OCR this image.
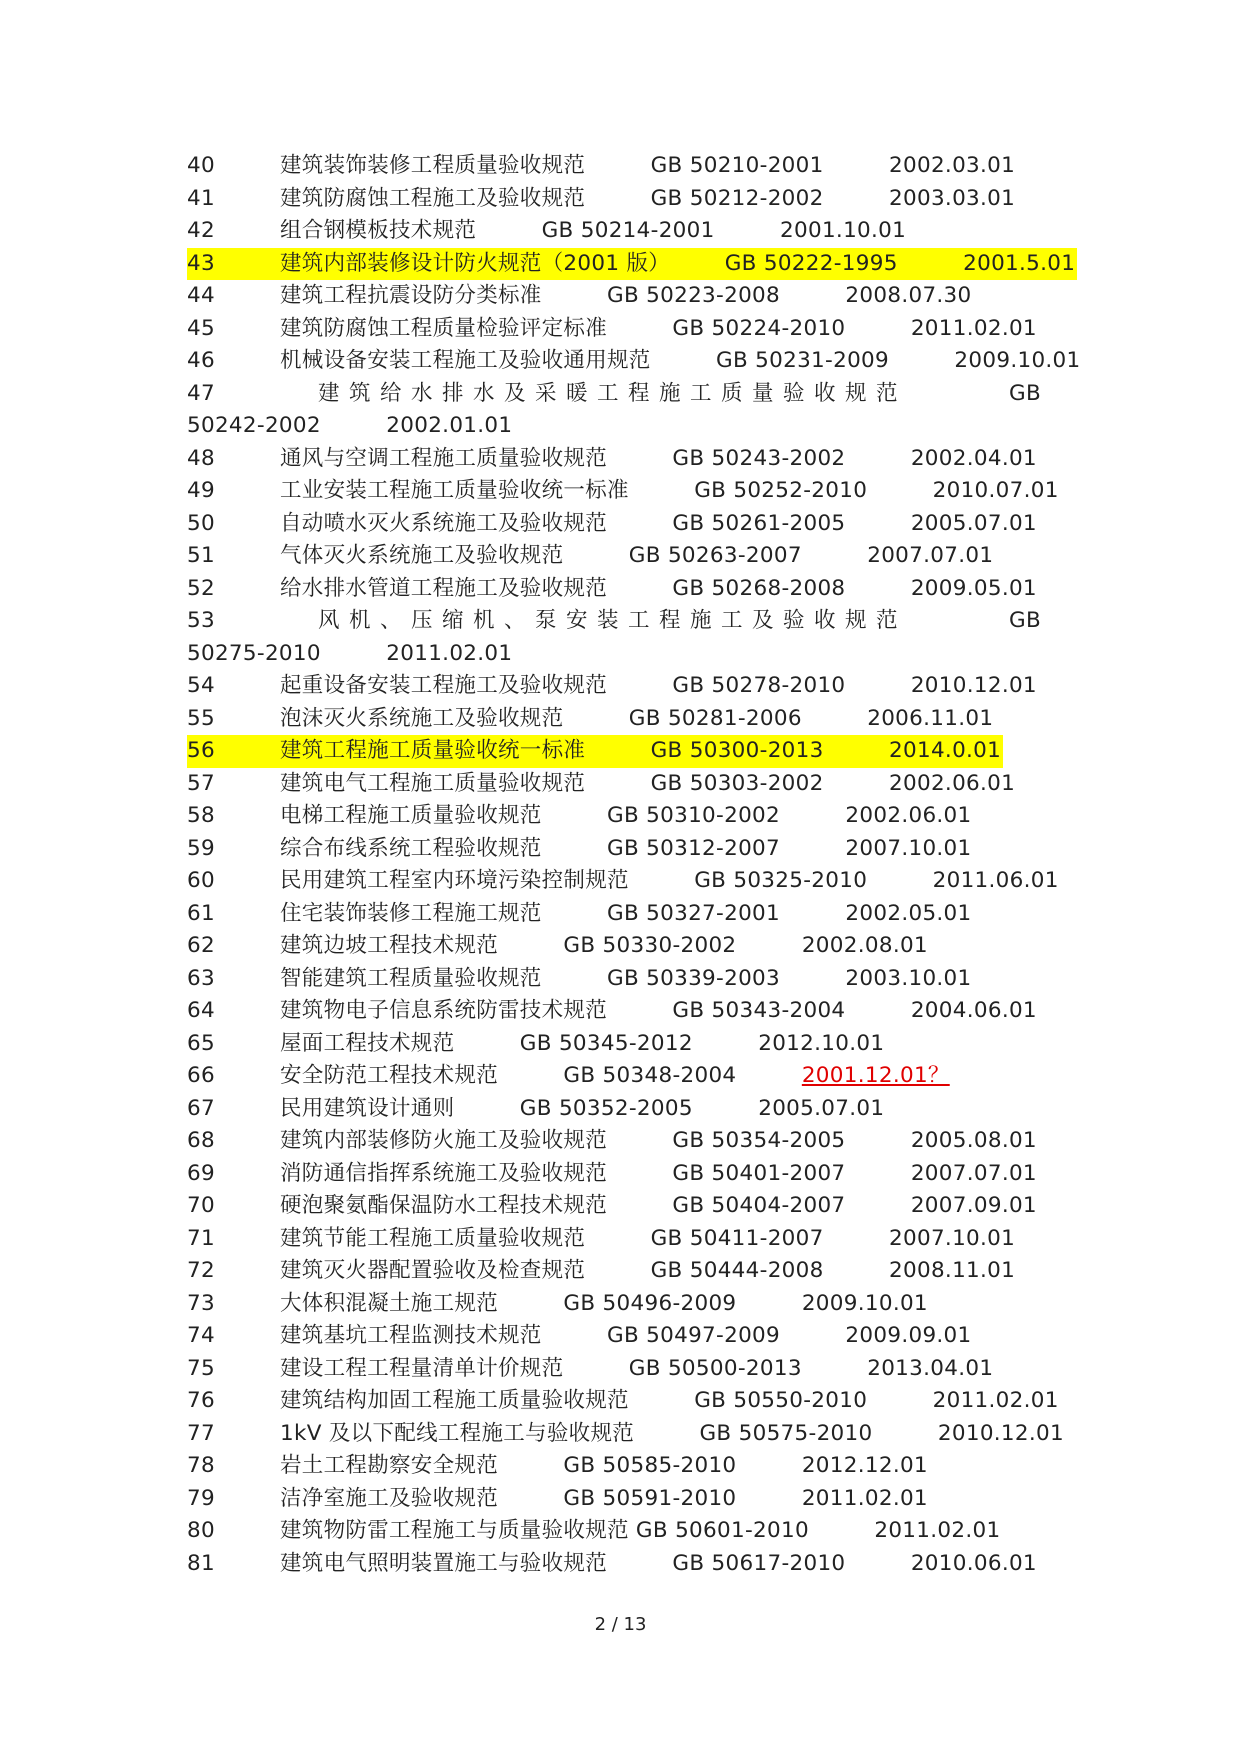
40	建筑装饰装修工程质量验收规范　　　GB 50210-2001　　　2002.03.01
41	建筑防腐蚀工程施工及验收规范　　　GB 50212-2002　　　2003.03.01
42	组合钢模板技术规范　　　GB 50214-2001　　　2001.10.01
43	建筑内部装修设计防火规范（2001 版）　　　GB 50222-1995　　　2001.5.01
44	建筑工程抗震设防分类标准　　　GB 50223-2008　　　2008.07.30
45	建筑防腐蚀工程质量检验评定标准　　　GB 50224-2010　　　2011.02.01
46	机械设备安装工程施工及验收通用规范　　　GB 50231-2009　　　2009.10.01
47	建筑给水排水及采暖工程施工质量验收规范	GB
50242-2002　　　2002.01.01
48	通风与空调工程施工质量验收规范　　　GB 50243-2002　　　2002.04.01
49	工业安装工程施工质量验收统一标准　　　GB 50252-2010　　　2010.07.01
50	自动喷水灭火系统施工及验收规范　　　GB 50261-2005　　　2005.07.01
51	气体灭火系统施工及验收规范　　　GB 50263-2007　　　2007.07.01
52	给水排水管道工程施工及验收规范　　　GB 50268-2008　　　2009.05.01
53	风机、压缩机、泵安装工程施工及验收规范	GB
50275-2010　　　2011.02.01
54	起重设备安装工程施工及验收规范　　　GB 50278-2010　　　2010.12.01
55	泡沫灭火系统施工及验收规范　　　GB 50281-2006　　　2006.11.01
56	建筑工程施工质量验收统一标准　　　GB 50300-2013　　　2014.0.01
57	建筑电气工程施工质量验收规范　　　GB 50303-2002　　　2002.06.01
58	电梯工程施工质量验收规范　　　GB 50310-2002　　　2002.06.01
59	综合布线系统工程验收规范　　　GB 50312-2007　　　2007.10.01
60	民用建筑工程室内环境污染控制规范　　　GB 50325-2010　　　2011.06.01
61	住宅装饰装修工程施工规范　　　GB 50327-2001　　　2002.05.01
62	建筑边坡工程技术规范　　　GB 50330-2002　　　2002.08.01
63	智能建筑工程质量验收规范　　　GB 50339-2003　　　2003.10.01
64	建筑物电子信息系统防雷技术规范　　　GB 50343-2004　　　2004.06.01
65	屋面工程技术规范　　　GB 50345-2012　　　2012.10.01
66	安全防范工程技术规范　　　GB 50348-2004　　　2001.12.01？
67	民用建筑设计通则　　　GB 50352-2005　　　2005.07.01
68	建筑内部装修防火施工及验收规范　　　GB 50354-2005　　　2005.08.01
69	消防通信指挥系统施工及验收规范　　　GB 50401-2007　　　2007.07.01
70	硬泡聚氨酯保温防水工程技术规范　　　GB 50404-2007　　　2007.09.01
71	建筑节能工程施工质量验收规范　　　GB 50411-2007　　　2007.10.01
72	建筑灭火器配置验收及检查规范　　　GB 50444-2008　　　2008.11.01
73	大体积混凝土施工规范　　　GB 50496-2009　　　2009.10.01
74	建筑基坑工程监测技术规范　　　GB 50497-2009　　　2009.09.01
75	建设工程工程量清单计价规范　　　GB 50500-2013　　　2013.04.01
76	建筑结构加固工程施工质量验收规范　　　GB 50550-2010　　　2011.02.01
77	1kV 及以下配线工程施工与验收规范　　　GB 50575-2010　　　2010.12.01
78	岩土工程勘察安全规范　　　GB 50585-2010　　　2012.12.01
79	洁净室施工及验收规范　　　GB 50591-2010　　　2011.02.01
80	建筑物防雷工程施工与质量验收规范 GB 50601-2010　　　2011.02.01
81	建筑电气照明装置施工与验收规范　　　GB 50617-2010　　　2010.06.01
2 / 13
